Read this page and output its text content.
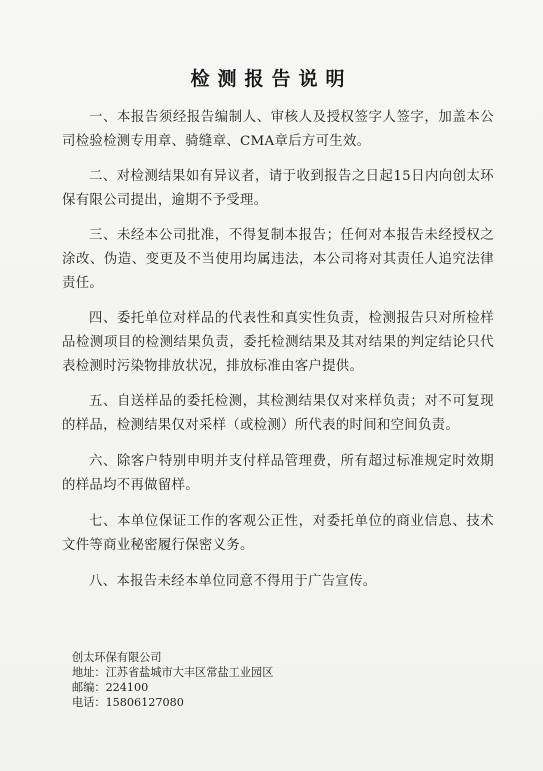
检测报告说明

一、本报告须经报告编制人、审核人及授权签字人签字，加盖本公司检验检测专用章、骑缝章、CMA章后方可生效。

二、对检测结果如有异议者，请于收到报告之日起15日内向创太环保有限公司提出，逾期不予受理。

三、未经本公司批准，不得复制本报告；任何对本报告未经授权之涂改、伪造、变更及不当使用均属违法，本公司将对其责任人追究法律责任。

四、委托单位对样品的代表性和真实性负责，检测报告只对所检样品检测项目的检测结果负责，委托检测结果及其对结果的判定结论只代表检测时污染物排放状况，排放标准由客户提供。

五、自送样品的委托检测，其检测结果仅对来样负责；对不可复现的样品，检测结果仅对采样（或检测）所代表的时间和空间负责。

六、除客户特别申明并支付样品管理费，所有超过标准规定时效期的样品均不再做留样。

七、本单位保证工作的客观公正性，对委托单位的商业信息、技术文件等商业秘密履行保密义务。

八、本报告未经本单位同意不得用于广告宣传。

创太环保有限公司
地址：江苏省盐城市大丰区常盐工业园区
邮编：224100
电话：15806127080
